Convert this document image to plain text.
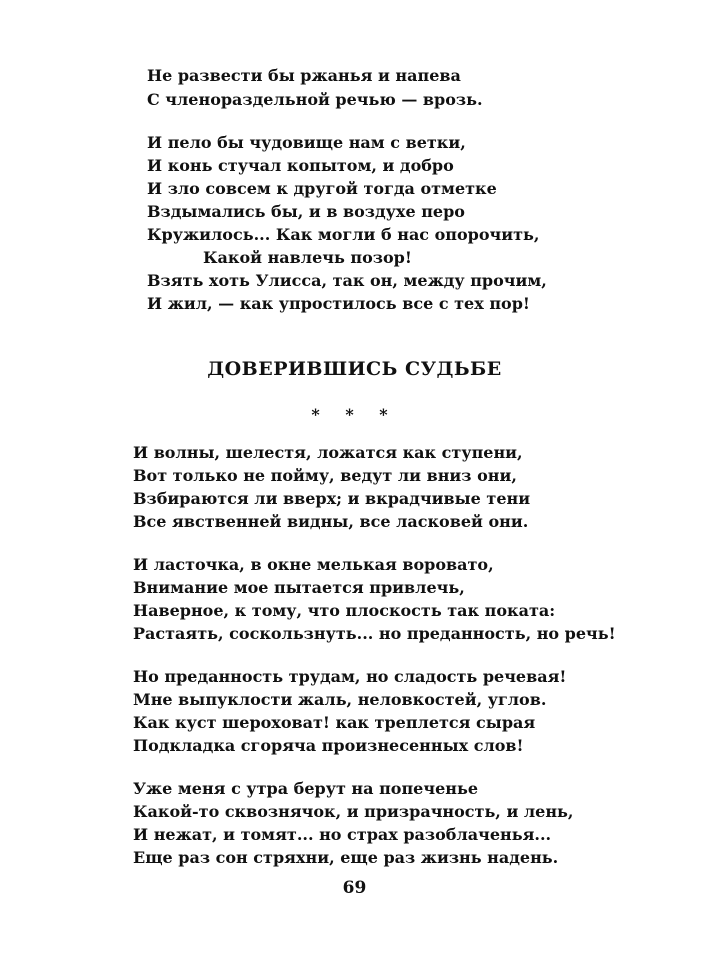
Не развести бы ржанья и напева
С членораздельной речью — врозь.
И пело бы чудовище нам с ветки,
И конь стучал копытом, и добро
И зло совсем к другой тогда отметке
Вздымались бы, и в воздухе перо
Кружилось... Как могли б нас опорочить,
Какой навлечь позор!
Взять хоть Улисса, так он, между прочим,
И жил, — как упростилось все с тех пор!
ДОВЕРИВШИСЬ СУДЬБЕ
* * *
И волны, шелестя, ложатся как ступени,
Вот только не пойму, ведут ли вниз они,
Взбираются ли вверх; и вкрадчивые тени
Все явственней видны, все ласковей они.
И ласточка, в окне мелькая воровато,
Внимание мое пытается привлечь,
Наверное, к тому, что плоскость так поката:
Растаять, соскользнуть... но преданность, но речь!
Но преданность трудам, но сладость речевая!
Мне выпуклости жаль, неловкостей, углов.
Как куст шероховат! как треплется сырая
Подкладка сгоряча произнесенных слов!
Уже меня с утра берут на попеченье
Какой-то сквознячок, и призрачность, и лень,
И нежат, и томят... но страх разоблаченья...
Еще раз сон стряхни, еще раз жизнь надень.
69
